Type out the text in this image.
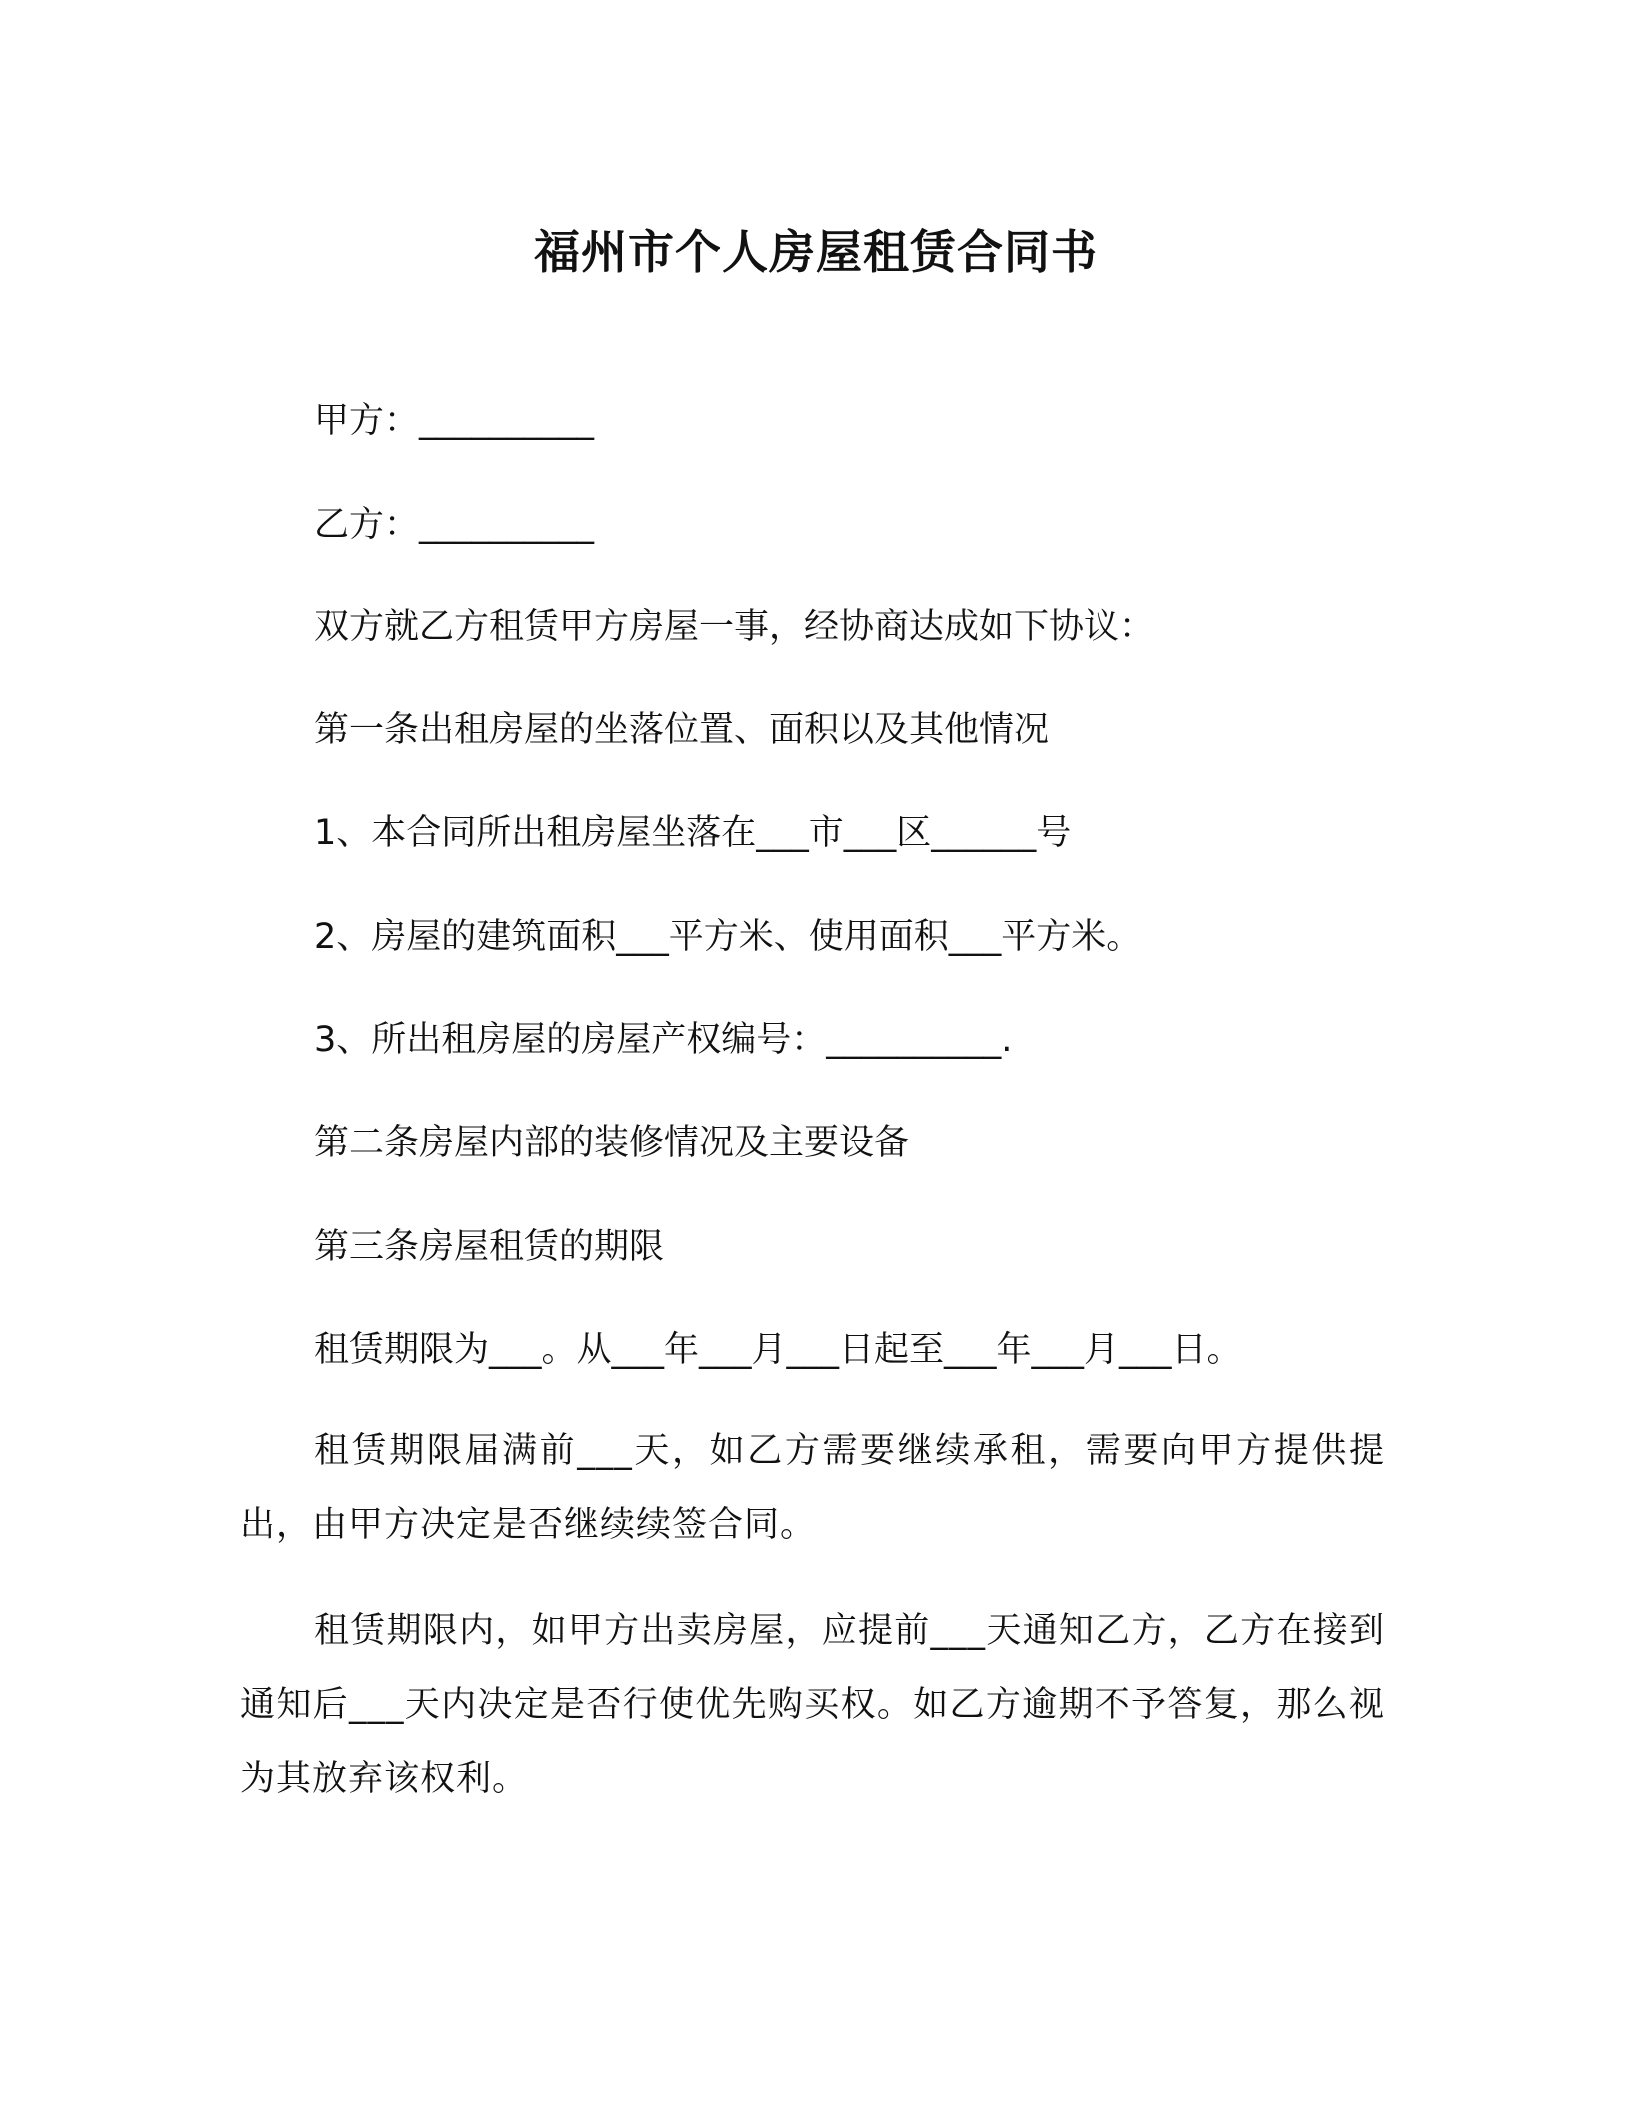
福州市个人房屋租赁合同书
甲方：__________
乙方：__________
双方就乙方租赁甲方房屋一事，经协商达成如下协议：
第一条出租房屋的坐落位置、面积以及其他情况
1、本合同所出租房屋坐落在___市___区______号
2、房屋的建筑面积___平方米、使用面积___平方米。
3、所出租房屋的房屋产权编号：__________.
第二条房屋内部的装修情况及主要设备
第三条房屋租赁的期限
租赁期限为___。从___年___月___日起至___年___月___日。
租赁期限届满前___天，如乙方需要继续承租，需要向甲方提供提出，由甲方决定是否继续续签合同。
租赁期限内，如甲方出卖房屋，应提前___天通知乙方，乙方在接到通知后___天内决定是否行使优先购买权。如乙方逾期不予答复，那么视为其放弃该权利。
